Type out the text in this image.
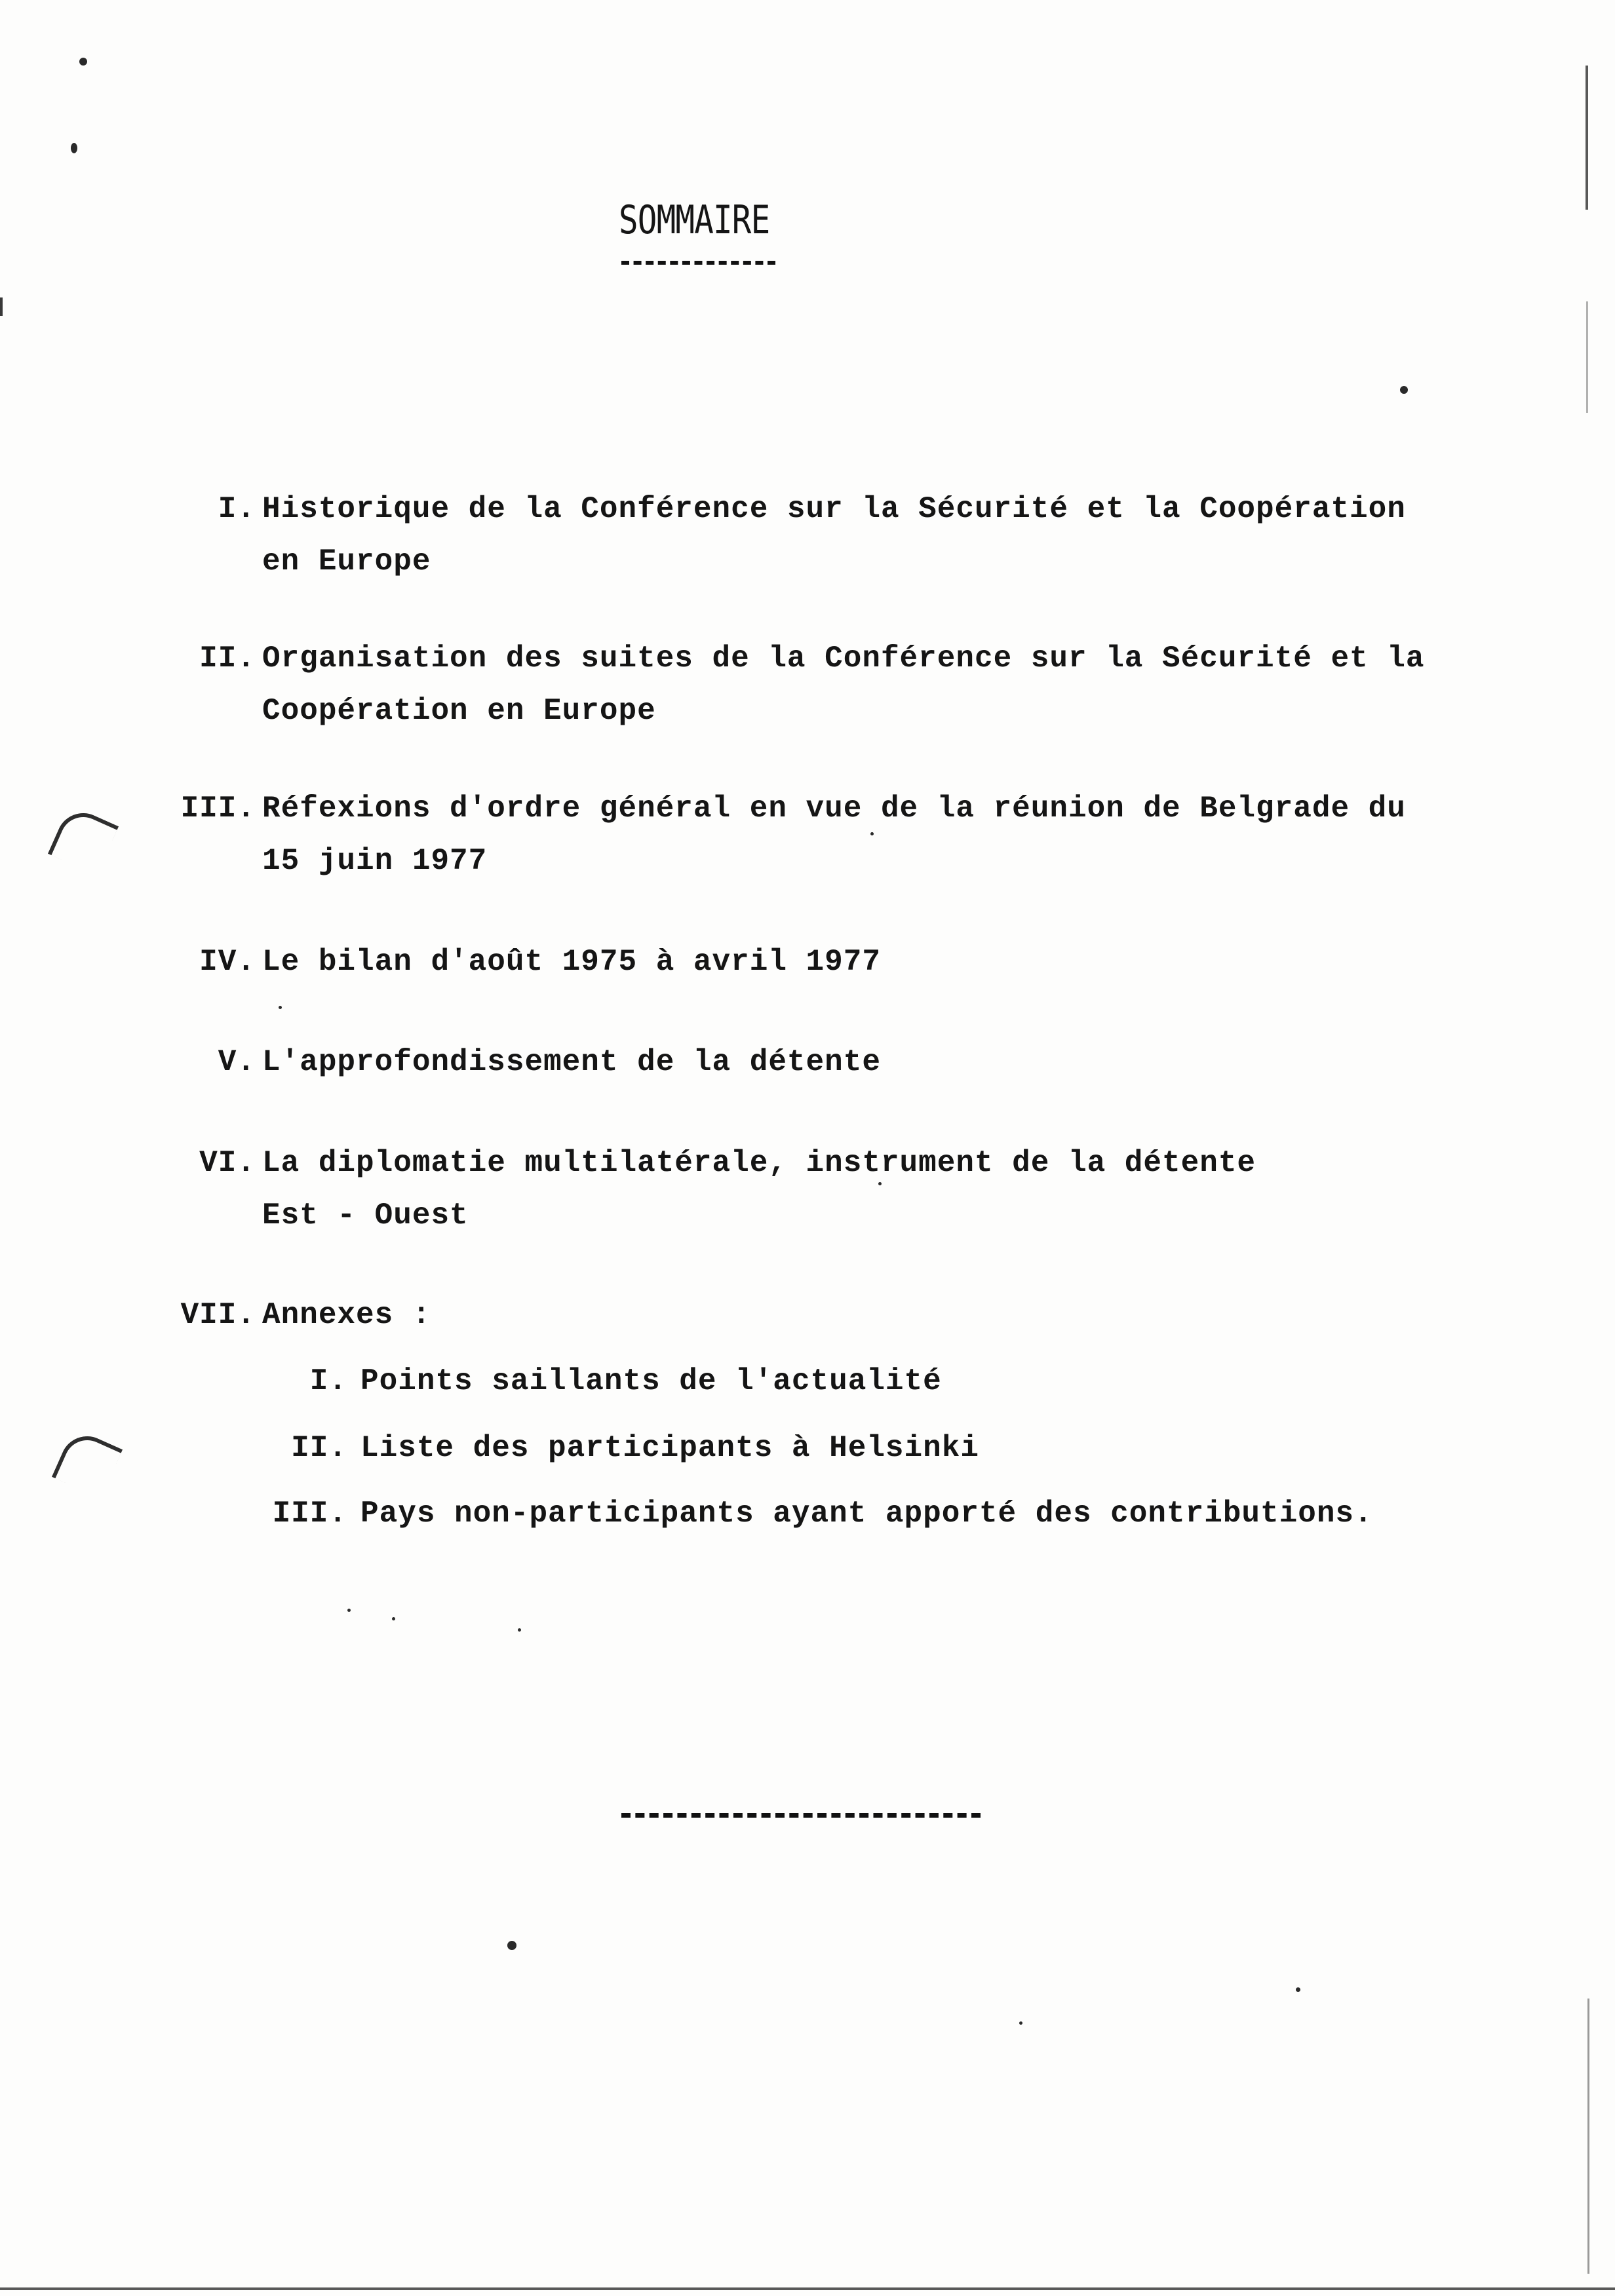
SOMMAIRE

I.

Historique de la Conférence sur la Sécurité et la Coopération

en Europe

II.

Organisation des suites de la Conférence sur la Sécurité et la

Coopération en Europe

III.

Réfexions d'ordre général en vue de la réunion de Belgrade du

15 juin 1977

IV.

Le bilan d'août 1975 à avril 1977

V.

L'approfondissement de la détente

VI.

La diplomatie multilatérale, instrument de la détente

Est - Ouest

VII.

Annexes :

I.

Points saillants de l'actualité

II.

Liste des participants à Helsinki

III.

Pays non-participants ayant apporté des contributions.
